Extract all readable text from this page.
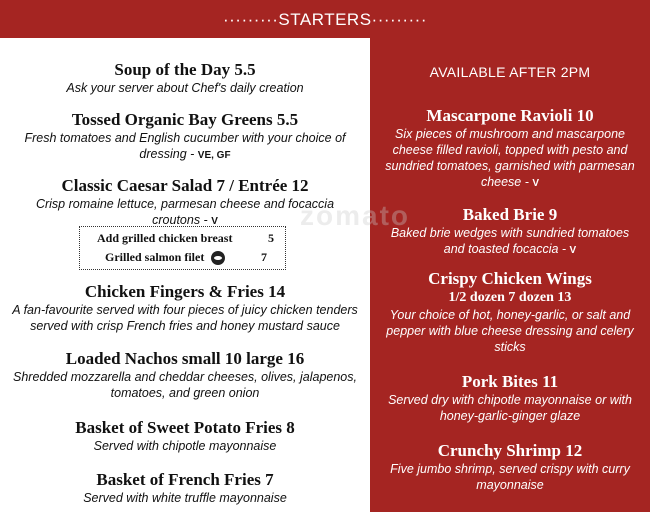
·········STARTERS·········
Soup of the Day 5.5
Ask your server about Chef's daily creation
Tossed Organic Bay Greens 5.5
Fresh tomatoes and English cucumber with your choice of
dressing - VE, GF
Classic Caesar Salad 7 / Entrée 12
Crisp romaine lettuce, parmesan cheese and focaccia
croutons - V
Add grilled chicken breast	5
Grilled salmon filet	7
Chicken Fingers & Fries 14
A fan-favourite served with four pieces of juicy chicken tenders
served with crisp French fries and honey mustard sauce
Loaded Nachos small 10 large 16
Shredded mozzarella and cheddar cheeses, olives, jalapenos,
tomatoes, and green onion
Basket of Sweet Potato Fries 8
Served with chipotle mayonnaise
Basket of French Fries 7
Served with white truffle mayonnaise
AVAILABLE AFTER 2PM
Mascarpone Ravioli 10
Six pieces of mushroom and mascarpone
cheese filled ravioli, topped with pesto and
sundried tomatoes, garnished with parmesan
cheese - V
Baked Brie 9
Baked brie wedges with sundried tomatoes
and toasted focaccia - V
Crispy Chicken Wings
1/2 dozen 7 dozen 13
Your choice of hot, honey-garlic, or salt and
pepper with blue cheese dressing and celery
sticks
Pork Bites 11
Served dry with chipotle mayonnaise or with
honey-garlic-ginger glaze
Crunchy Shrimp 12
Five jumbo shrimp, served crispy with curry
mayonnaise
zomato
